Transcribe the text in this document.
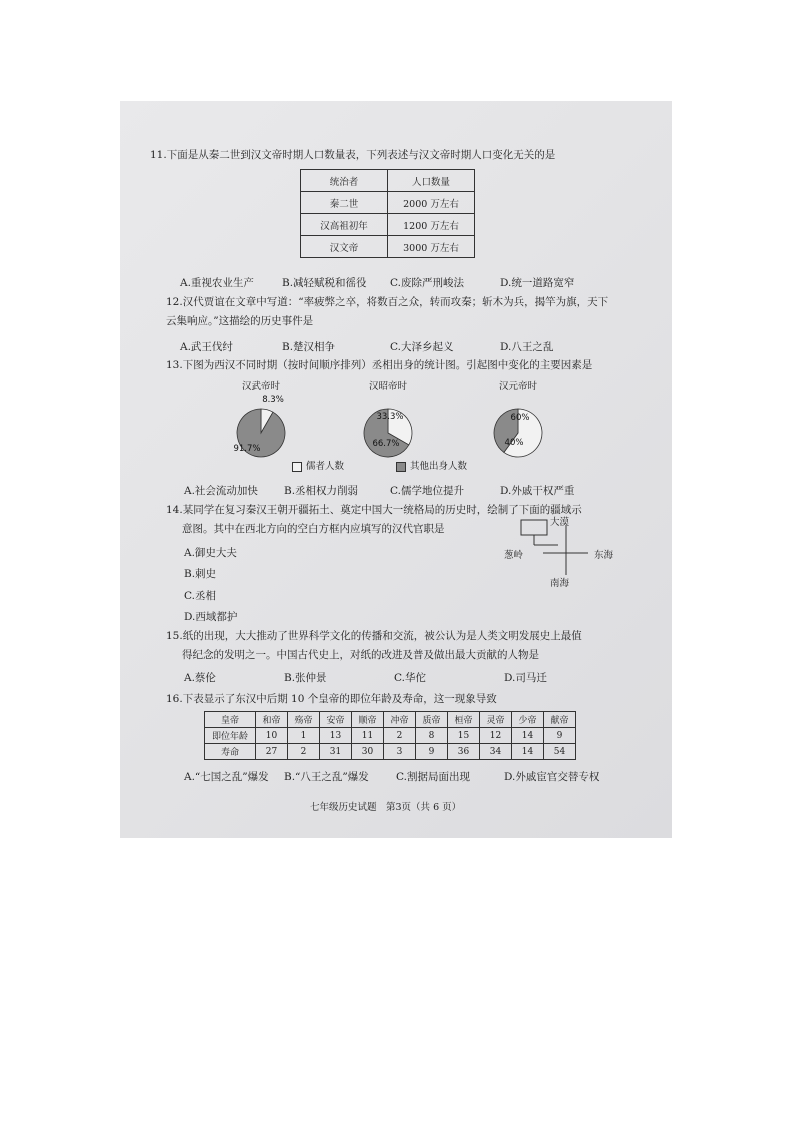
11.下面是从秦二世到汉文帝时期人口数量表，下列表述与汉文帝时期人口变化无关的是
统治者	人口数量
秦二世	2000 万左右
汉高祖初年	1200 万左右
汉文帝	3000 万左右
A.重视农业生产	B.减轻赋税和徭役 C.废除严刑峻法	D.统一道路宽窄
12.汉代贾谊在文章中写道：“率疲弊之卒，将数百之众，转而攻秦；斩木为兵，揭竿为旗，天下
云集响应。”这描绘的历史事件是
A.武王伐纣	B.楚汉相争	C.大泽乡起义	D.八王之乱
13.下图为西汉不同时期（按时间顺序排列）丞相出身的统计图。引起图中变化的主要因素是
汉武帝时
8.3%
91.7%
汉昭帝时
33.3%
66.7%
汉元帝时
60%
40%
儒者人数	其他出身人数
A.社会流动加快 B.丞相权力削弱	C.儒学地位提升	D.外戚干权严重
14.某同学在复习秦汉王朝开疆拓土、奠定中国大一统格局的历史时，绘制了下面的疆域示
意图。其中在西北方向的空白方框内应填写的汉代官职是
A.御史大夫
B.刺史
C.丞相
D.西域都护
大漠
葱岭	东海
南海
15.纸的出现，大大推动了世界科学文化的传播和交流，被公认为是人类文明发展史上最值
得纪念的发明之一。中国古代史上，对纸的改进及普及做出最大贡献的人物是
A.蔡伦	B.张仲景	C.华佗	D.司马迁
16.下表显示了东汉中后期 10 个皇帝的即位年龄及寿命，这一现象导致
皇帝	和帝	殇帝	安帝	顺帝	冲帝	质帝	桓帝	灵帝	少帝	献帝
即位年龄	10	1	13	11	2	8	15	12	14	9
寿命	27	2	31	30	3	9	36	34	14	54
A.“七国之乱”爆发 B.“八王之乱”爆发	C.割据局面出现	D.外戚宦官交替专权
七年级历史试题　第3页（共 6 页）
